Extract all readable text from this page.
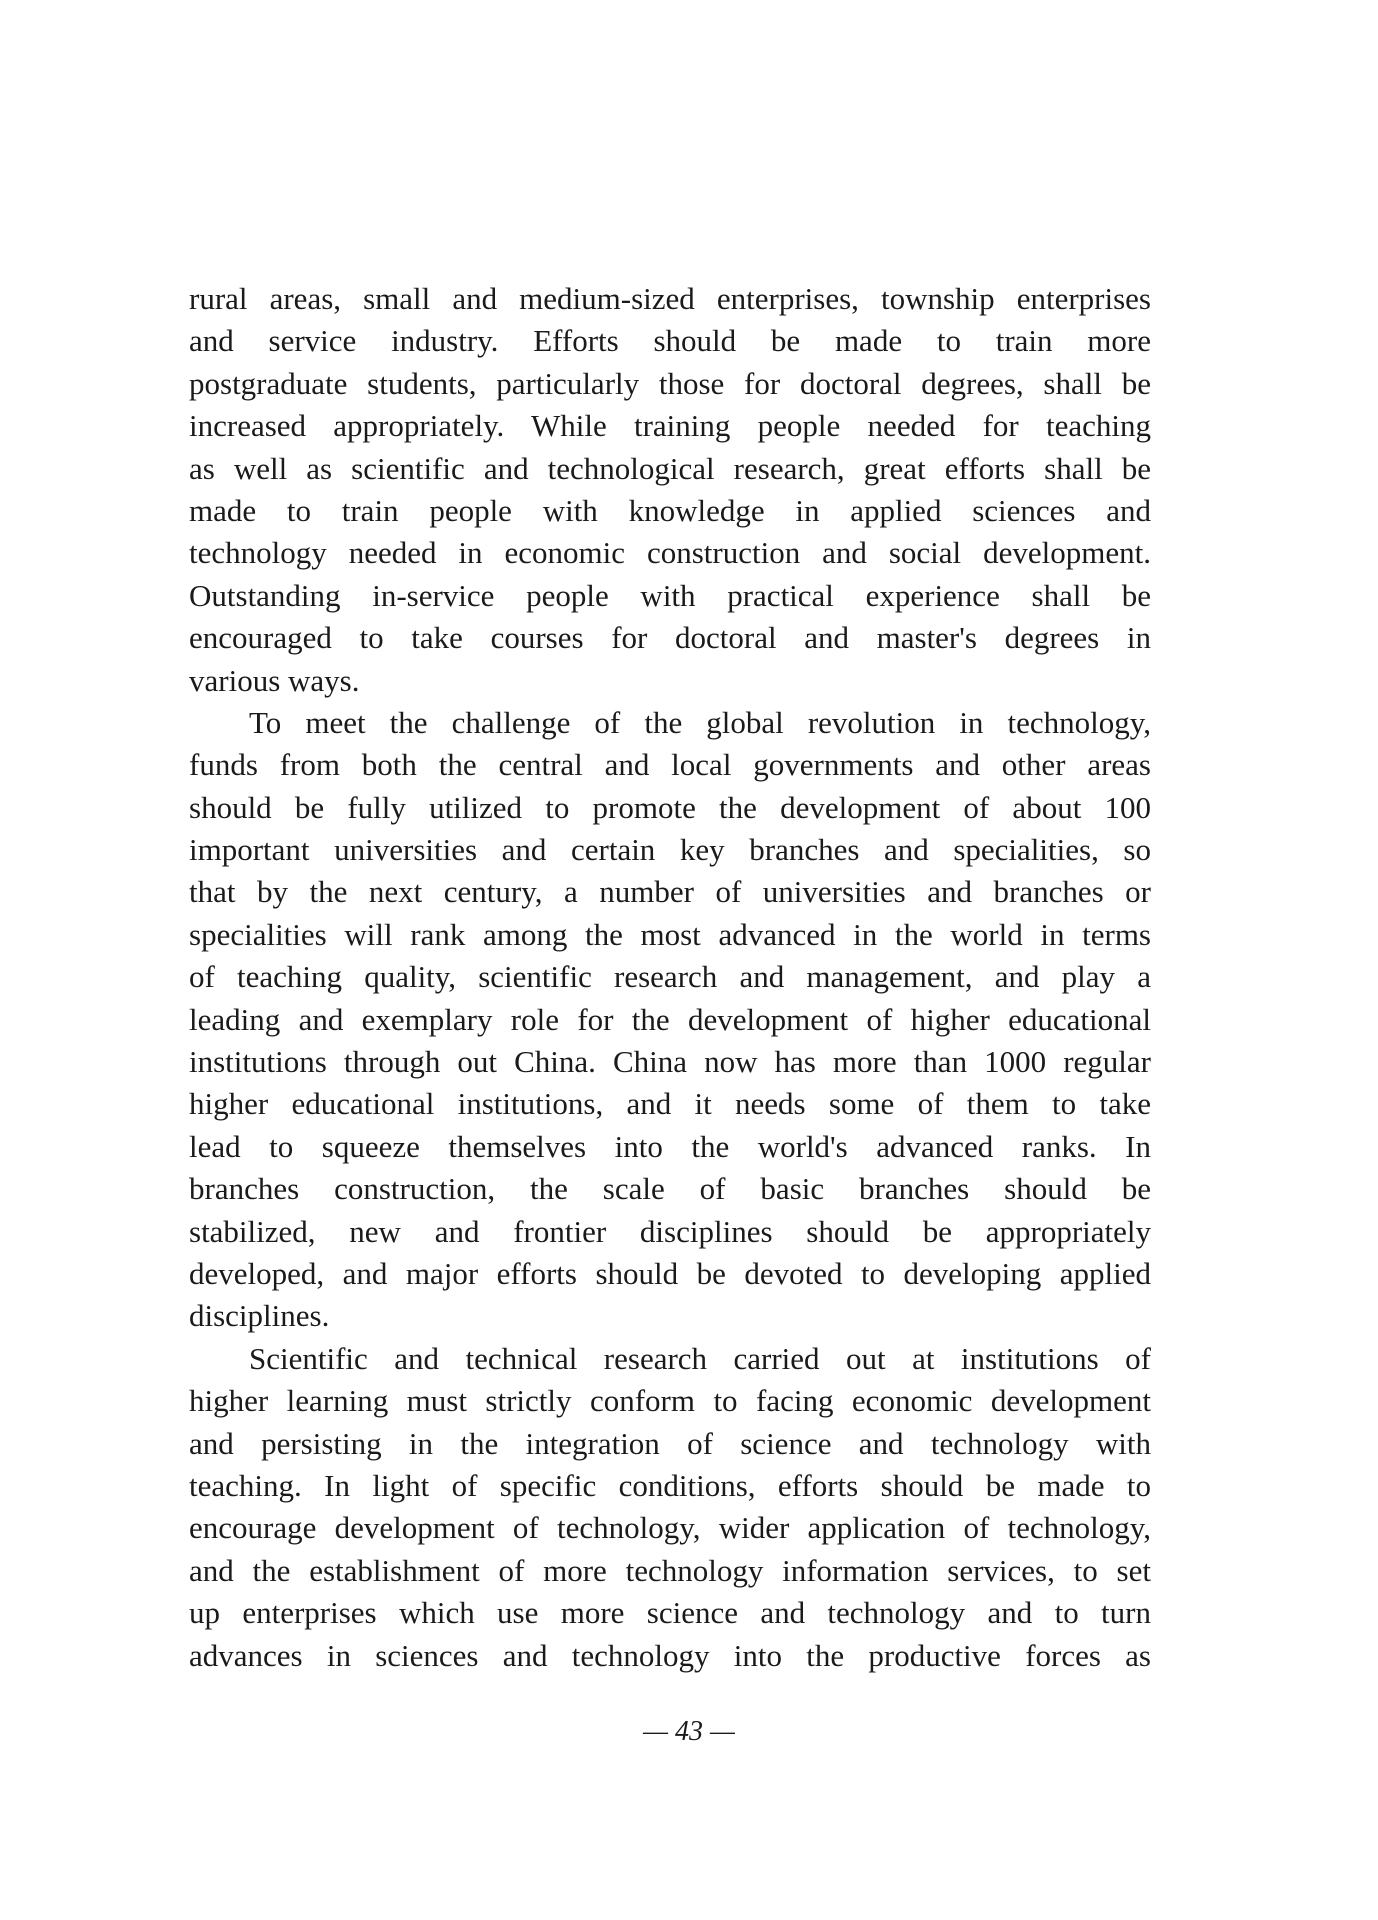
rural areas, small and medium-sized enterprises, township enterprises
and service industry. Efforts should be made to train more
postgraduate students, particularly those for doctoral degrees, shall be
increased appropriately. While training people needed for teaching
as well as scientific and technological research, great efforts shall be
made to train people with knowledge in applied sciences and
technology needed in economic construction and social development.
Outstanding in-service people with practical experience shall be
encouraged to take courses for doctoral and master's degrees in
various ways.
To meet the challenge of the global revolution in technology,
funds from both the central and local governments and other areas
should be fully utilized to promote the development of about 100
important universities and certain key branches and specialities, so
that by the next century, a number of universities and branches or
specialities will rank among the most advanced in the world in terms
of teaching quality, scientific research and management, and play a
leading and exemplary role for the development of higher educational
institutions through out China. China now has more than 1000 regular
higher educational institutions, and it needs some of them to take
lead to squeeze themselves into the world's advanced ranks. In
branches construction, the scale of basic branches should be
stabilized, new and frontier disciplines should be appropriately
developed, and major efforts should be devoted to developing applied
disciplines.
Scientific and technical research carried out at institutions of
higher learning must strictly conform to facing economic development
and persisting in the integration of science and technology with
teaching. In light of specific conditions, efforts should be made to
encourage development of technology, wider application of technology,
and the establishment of more technology information services, to set
up enterprises which use more science and technology and to turn
advances in sciences and technology into the productive forces as
— 43 —
